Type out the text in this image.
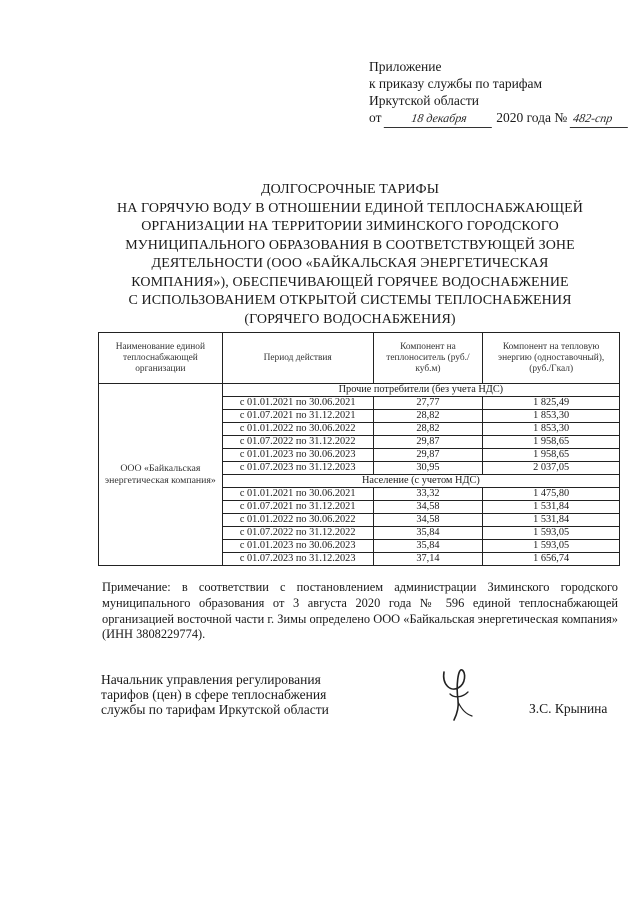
Приложение
к приказу службы по тарифам
Иркутской области
от 18 декабря 2020 года № 482-спр
ДОЛГОСРОЧНЫЕ ТАРИФЫ
НА ГОРЯЧУЮ ВОДУ В ОТНОШЕНИИ ЕДИНОЙ ТЕПЛОСНАБЖАЮЩЕЙ
ОРГАНИЗАЦИИ НА ТЕРРИТОРИИ ЗИМИНСКОГО ГОРОДСКОГО
МУНИЦИПАЛЬНОГО ОБРАЗОВАНИЯ В СООТВЕТСТВУЮЩЕЙ ЗОНЕ
ДЕЯТЕЛЬНОСТИ (ООО «БАЙКАЛЬСКАЯ ЭНЕРГЕТИЧЕСКАЯ
КОМПАНИЯ»), ОБЕСПЕЧИВАЮЩЕЙ ГОРЯЧЕЕ ВОДОСНАБЖЕНИЕ
С ИСПОЛЬЗОВАНИЕМ ОТКРЫТОЙ СИСТЕМЫ ТЕПЛОСНАБЖЕНИЯ
(ГОРЯЧЕГО ВОДОСНАБЖЕНИЯ)
Наименование единой теплоснабжающей организации	Период действия	Компонент на теплоноситель (руб./куб.м)	Компонент на тепловую энергию (одноставочный), (руб./Гкал)
ООО «Байкальская энергетическая компания»	Прочие потребители (без учета НДС)		
	с 01.01.2021 по 30.06.2021	27,77	1 825,49
	с 01.07.2021 по 31.12.2021	28,82	1 853,30
	с 01.01.2022 по 30.06.2022	28,82	1 853,30
	с 01.07.2022 по 31.12.2022	29,87	1 958,65
	с 01.01.2023 по 30.06.2023	29,87	1 958,65
	с 01.07.2023 по 31.12.2023	30,95	2 037,05
	Население (с учетом НДС)		
	с 01.01.2021 по 30.06.2021	33,32	1 475,80
	с 01.07.2021 по 31.12.2021	34,58	1 531,84
	с 01.01.2022 по 30.06.2022	34,58	1 531,84
	с 01.07.2022 по 31.12.2022	35,84	1 593,05
	с 01.01.2023 по 30.06.2023	35,84	1 593,05
	с 01.07.2023 по 31.12.2023	37,14	1 656,74
Примечание: в соответствии с постановлением администрации Зиминского городского муниципального образования от 3 августа 2020 года № 596 единой теплоснабжающей организацией восточной части г. Зимы определено ООО «Байкальская энергетическая компания» (ИНН 3808229774).
Начальник управления регулирования
тарифов (цен) в сфере теплоснабжения
службы по тарифам Иркутской области	З.С. Крынина
